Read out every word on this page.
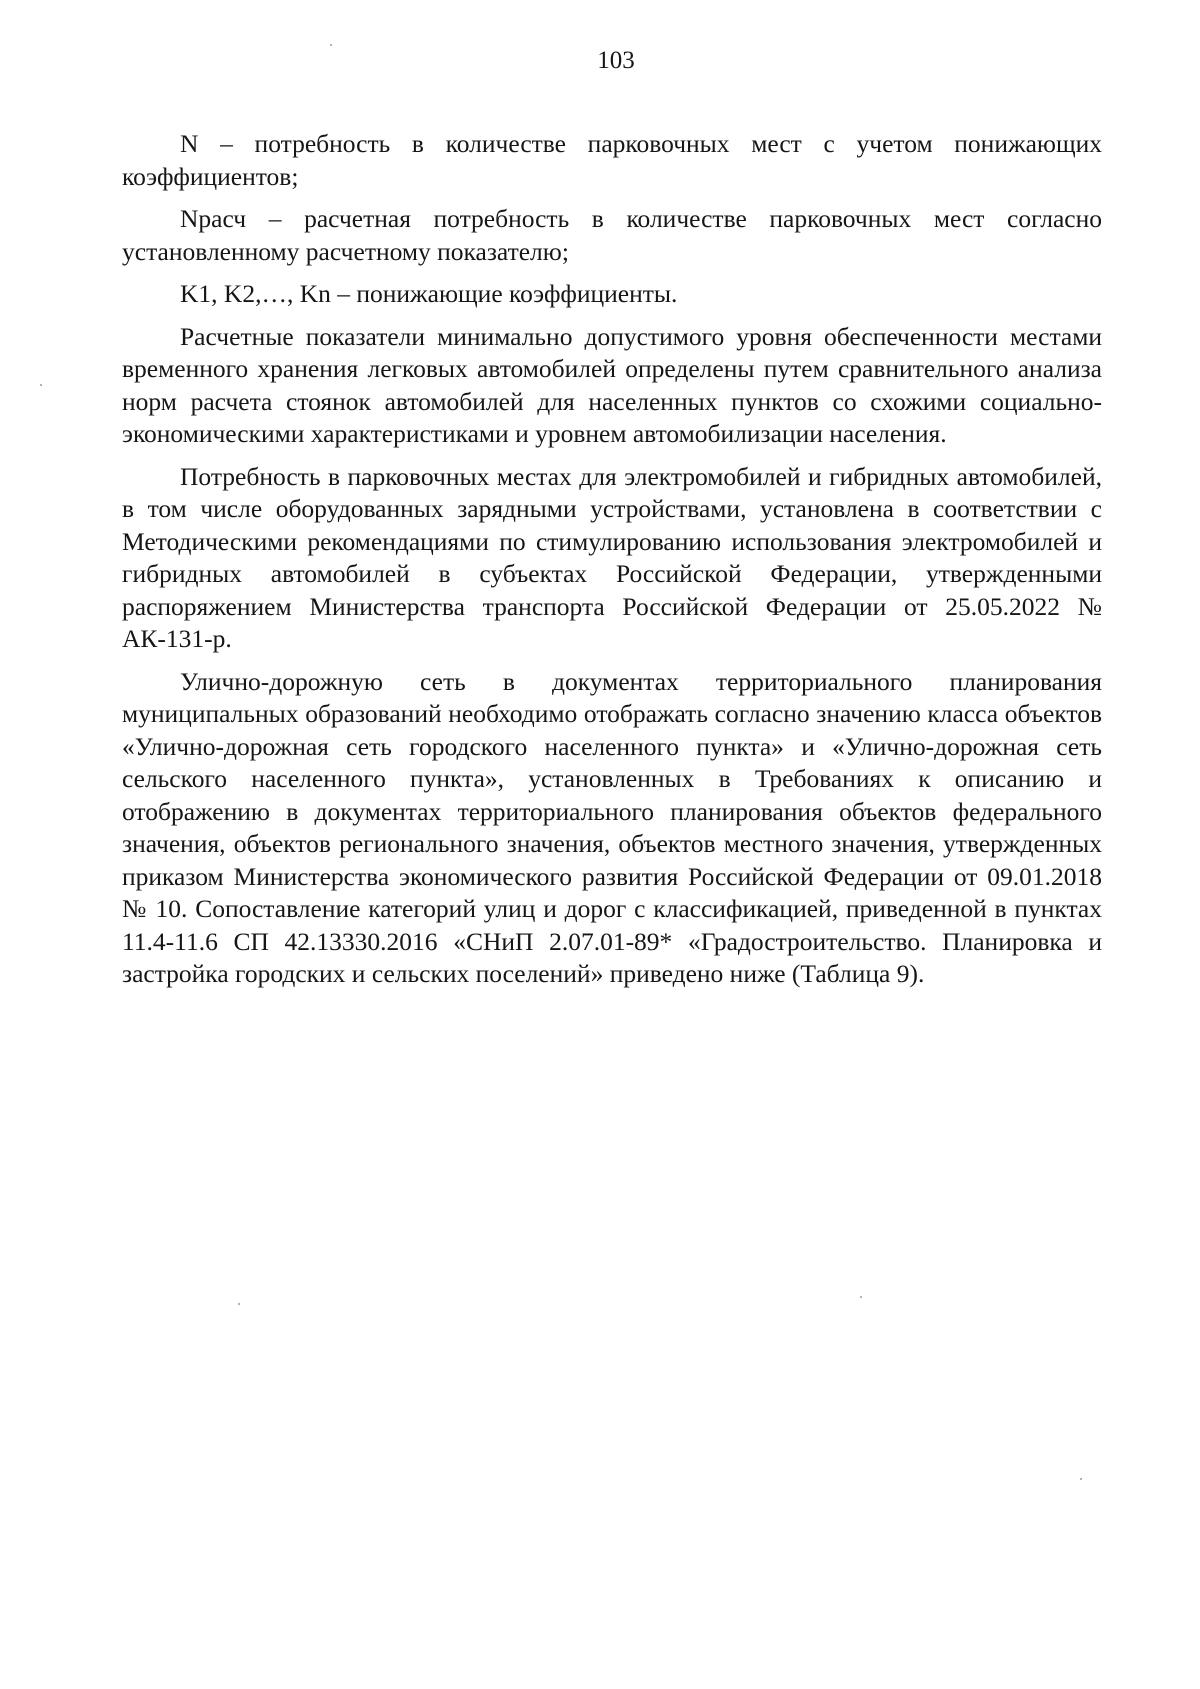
103

N – потребность в количестве парковочных мест с учетом понижающих коэффициентов;

Nрасч – расчетная потребность в количестве парковочных мест согласно установленному расчетному показателю;

K1, K2,…, Kn – понижающие коэффициенты.

Расчетные показатели минимально допустимого уровня обеспеченности местами временного хранения легковых автомобилей определены путем сравнительного анализа норм расчета стоянок автомобилей для населенных пунктов со схожими социально-экономическими характеристиками и уровнем автомобилизации населения.

Потребность в парковочных местах для электромобилей и гибридных автомобилей, в том числе оборудованных зарядными устройствами, установлена в соответствии с Методическими рекомендациями по стимулированию использования электромобилей и гибридных автомобилей в субъектах Российской Федерации, утвержденными распоряжением Министерства транспорта Российской Федерации от 25.05.2022 № АК-131-р.

Улично-дорожную сеть в документах территориального планирования муниципальных образований необходимо отображать согласно значению класса объектов «Улично-дорожная сеть городского населенного пункта» и «Улично-дорожная сеть сельского населенного пункта», установленных в Требованиях к описанию и отображению в документах территориального планирования объектов федерального значения, объектов регионального значения, объектов местного значения, утвержденных приказом Министерства экономического развития Российской Федерации от 09.01.2018 № 10. Сопоставление категорий улиц и дорог с классификацией, приведенной в пунктах 11.4-11.6 СП 42.13330.2016 «СНиП 2.07.01-89* «Градостроительство. Планировка и застройка городских и сельских поселений» приведено ниже (Таблица 9).
